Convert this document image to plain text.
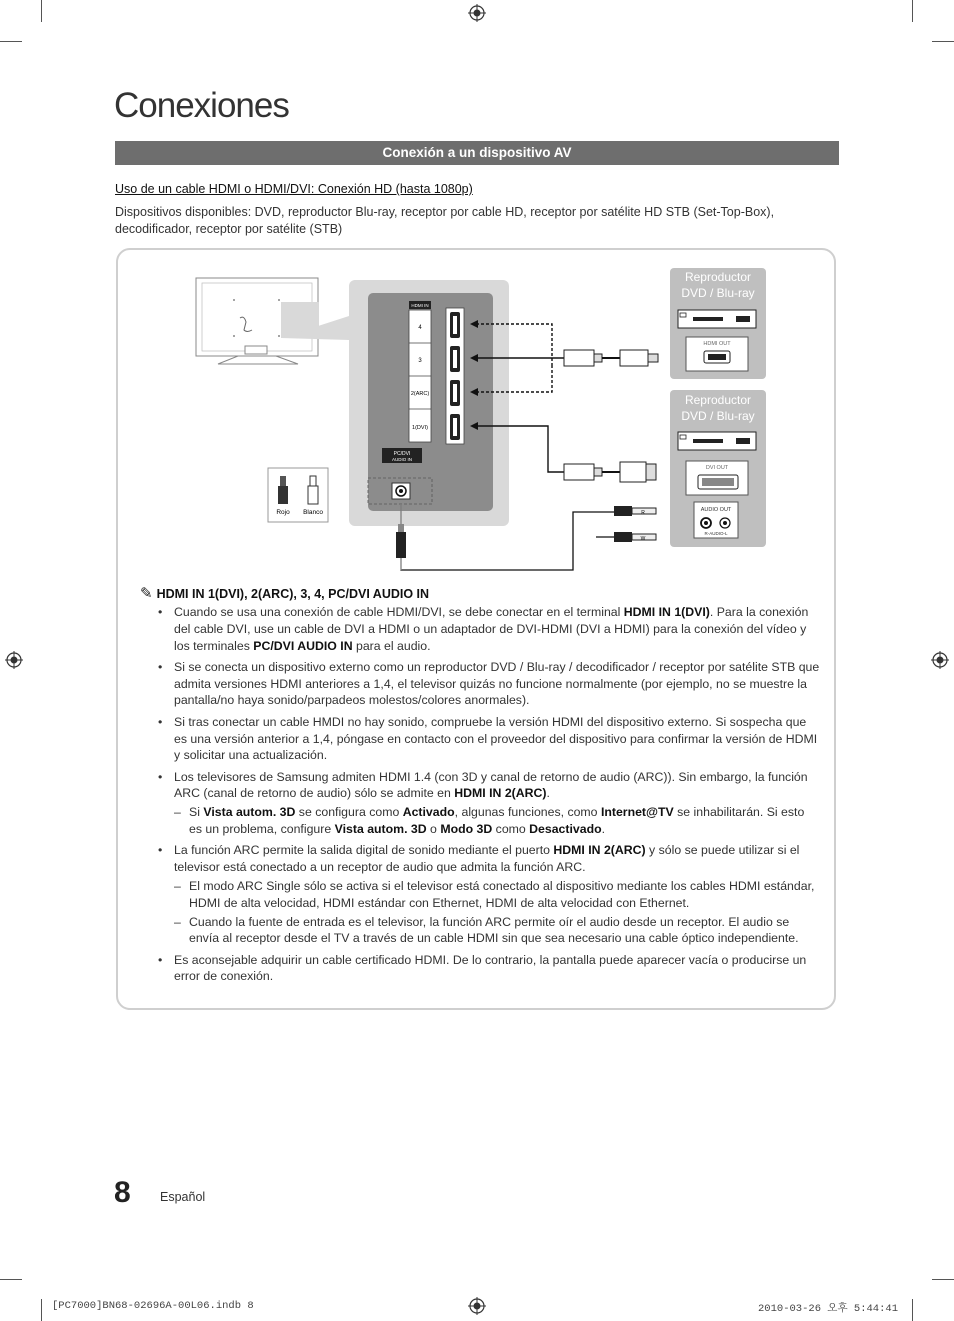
Conexiones
Conexión a un dispositivo AV
Uso de un cable HDMI o HDMI/DVI: Conexión HD (hasta 1080p)
Dispositivos disponibles: DVD, reproductor Blu-ray, receptor por cable HD, receptor por satélite HD STB (Set-Top-Box), decodificador, receptor por satélite (STB)
HDMI IN
4
3
2(ARC)
1(DVI)
PC/DVI
AUDIO IN
W
R
Rojo Blanco
Reproductor
DVD / Blu-ray
HDMI OUT
Reproductor
DVD / Blu-ray
DVI OUT
AUDIO OUT
R-AUDIO-L
✎ HDMI IN 1(DVI), 2(ARC), 3, 4, PC/DVI AUDIO IN
• Cuando se usa una conexión de cable HDMI/DVI, se debe conectar en el terminal HDMI IN 1(DVI). Para la conexión del cable DVI, use un cable de DVI a HDMI o un adaptador de DVI-HDMI (DVI a HDMI) para la conexión del vídeo y los terminales PC/DVI AUDIO IN para el audio.
• Si se conecta un dispositivo externo como un reproductor DVD / Blu-ray / decodificador / receptor por satélite STB que admita versiones HDMI anteriores a 1,4, el televisor quizás no funcione normalmente (por ejemplo, no se muestre la pantalla/no haya sonido/parpadeos molestos/colores anormales).
• Si tras conectar un cable HMDI no hay sonido, compruebe la versión HDMI del dispositivo externo. Si sospecha que es una versión anterior a 1,4, póngase en contacto con el proveedor del dispositivo para confirmar la versión de HDMI y solicitar una actualización.
• Los televisores de Samsung admiten HDMI 1.4 (con 3D y canal de retorno de audio (ARC)). Sin embargo, la función ARC (canal de retorno de audio) sólo se admite en HDMI IN 2(ARC).
– Si Vista autom. 3D se configura como Activado, algunas funciones, como Internet@TV se inhabilitarán. Si esto es un problema, configure Vista autom. 3D o Modo 3D como Desactivado.
• La función ARC permite la salida digital de sonido mediante el puerto HDMI IN 2(ARC) y sólo se puede utilizar si el televisor está conectado a un receptor de audio que admita la función ARC.
– El modo ARC Single sólo se activa si el televisor está conectado al dispositivo mediante los cables HDMI estándar, HDMI de alta velocidad, HDMI estándar con Ethernet, HDMI de alta velocidad con Ethernet.
– Cuando la fuente de entrada es el televisor, la función ARC permite oír el audio desde un receptor. El audio se envía al receptor desde el TV a través de un cable HDMI sin que sea necesario una cable óptico independiente.
• Es aconsejable adquirir un cable certificado HDMI. De lo contrario, la pantalla puede aparecer vacía o producirse un error de conexión.
8 Español
[PC7000]BN68-02696A-00L06.indb 8	2010-03-26 오후 5:44:41
